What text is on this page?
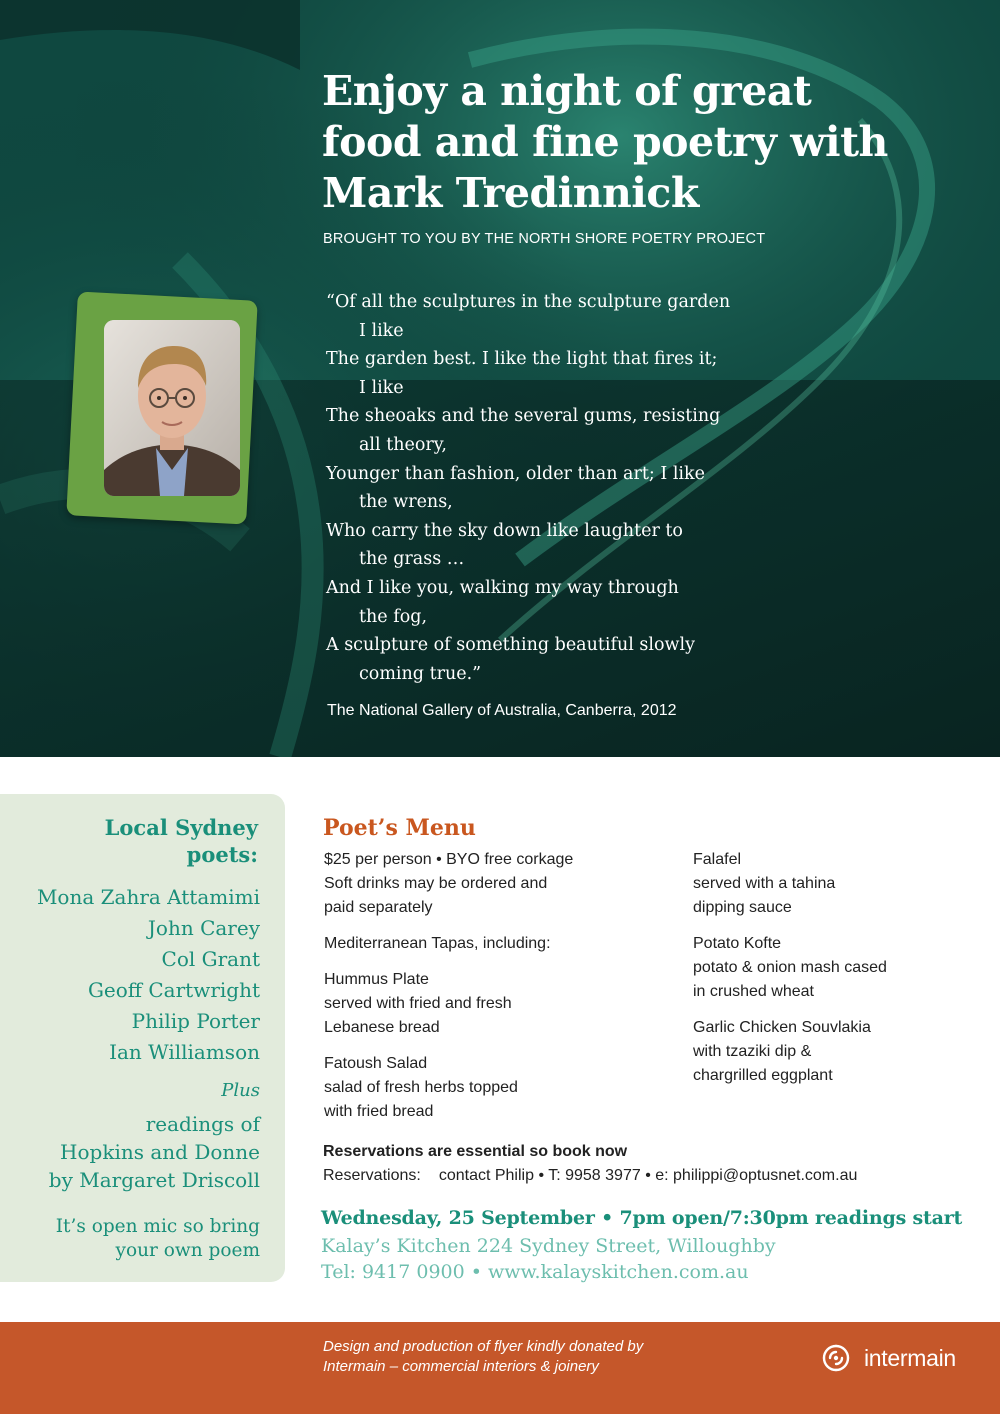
Enjoy a night of great
food and fine poetry with
Mark Tredinnick
BROUGHT TO YOU BY THE NORTH SHORE POETRY PROJECT
“Of all the sculptures in the sculpture garden
I like
The garden best. I like the light that fires it;
I like
The sheoaks and the several gums, resisting
all theory,
Younger than fashion, older than art; I like
the wrens,
Who carry the sky down like laughter to
the grass …
And I like you, walking my way through
the fog,
A sculpture of something beautiful slowly
coming true.”
The National Gallery of Australia, Canberra, 2012
Local Sydney
poets:
Mona Zahra Attamimi
John Carey
Col Grant
Geoff Cartwright
Philip Porter
Ian Williamson
Plus
readings of
Hopkins and Donne
by Margaret Driscoll
It’s open mic so bring
your own poem
Poet’s Menu
$25 per person • BYO free corkage
Soft drinks may be ordered and
paid separately
Mediterranean Tapas, including:
Hummus Plate
served with fried and fresh
Lebanese bread
Fatoush Salad
salad of fresh herbs topped
with fried bread
Falafel
served with a tahina
dipping sauce
Potato Kofte
potato & onion mash cased
in crushed wheat
Garlic Chicken Souvlakia
with tzaziki dip &
chargrilled eggplant
Reservations are essential so book now
Reservations: contact Philip • T: 9958 3977 • e: philippi@optusnet.com.au
Wednesday, 25 September • 7pm open/7:30pm readings start
Kalay’s Kitchen 224 Sydney Street, Willoughby
Tel: 9417 0900 • www.kalayskitchen.com.au
Design and production of flyer kindly donated by
Intermain – commercial interiors & joinery	intermain
